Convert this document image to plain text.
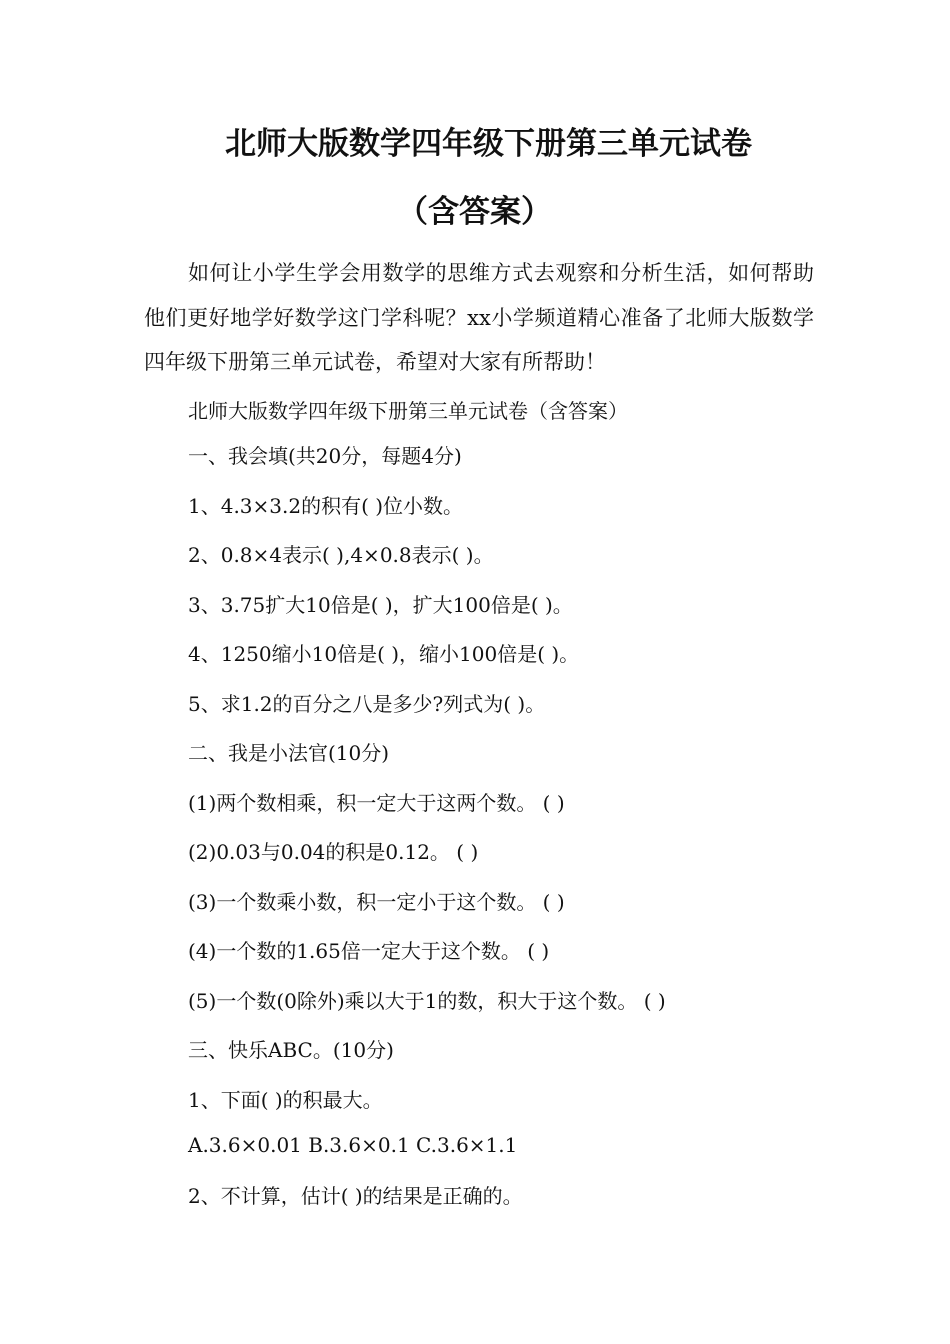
北师大版数学四年级下册第三单元试卷
（含答案）
如何让小学生学会用数学的思维方式去观察和分析生活，如何帮助他们更好地学好数学这门学科呢？xx小学频道精心准备了北师大版数学四年级下册第三单元试卷，希望对大家有所帮助！
北师大版数学四年级下册第三单元试卷（含答案）
一、我会填(共20分，每题4分)
1、4.3×3.2的积有( )位小数。
2、0.8×4表示( ),4×0.8表示( )。
3、3.75扩大10倍是( )，扩大100倍是( )。
4、1250缩小10倍是( )，缩小100倍是( )。
5、求1.2的百分之八是多少?列式为( )。
二、我是小法官(10分)
(1)两个数相乘，积一定大于这两个数。 ( )
(2)0.03与0.04的积是0.12。 ( )
(3)一个数乘小数，积一定小于这个数。 ( )
(4)一个数的1.65倍一定大于这个数。 ( )
(5)一个数(0除外)乘以大于1的数，积大于这个数。 ( )
三、快乐ABC。(10分)
1、下面( )的积最大。
A.3.6×0.01 B.3.6×0.1 C.3.6×1.1
2、不计算，估计( )的结果是正确的。
